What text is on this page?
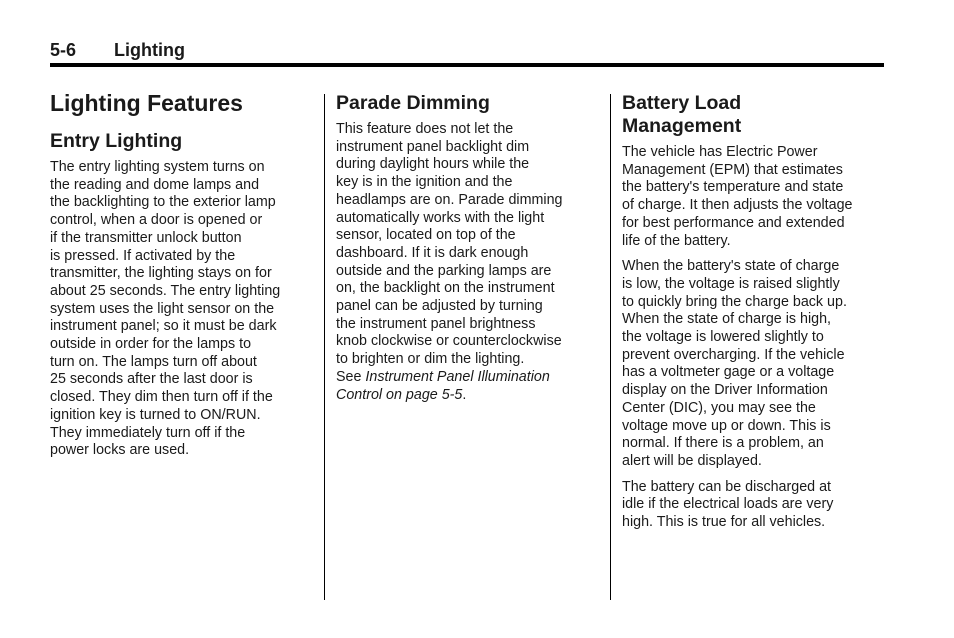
5-6 Lighting
Lighting Features
Entry Lighting

The entry lighting system turns on
the reading and dome lamps and
the backlighting to the exterior lamp
control, when a door is opened or
if the transmitter unlock button
is pressed. If activated by the
transmitter, the lighting stays on for
about 25 seconds. The entry lighting
system uses the light sensor on the
instrument panel; so it must be dark
outside in order for the lamps to
turn on. The lamps turn off about
25 seconds after the last door is
closed. They dim then turn off if the
ignition key is turned to ON/RUN.
They immediately turn off if the
power locks are used.

Parade Dimming

This feature does not let the
instrument panel backlight dim
during daylight hours while the
key is in the ignition and the
headlamps are on. Parade dimming
automatically works with the light
sensor, located on top of the
dashboard. If it is dark enough
outside and the parking lamps are
on, the backlight on the instrument
panel can be adjusted by turning
the instrument panel brightness
knob clockwise or counterclockwise
to brighten or dim the lighting.
See Instrument Panel Illumination
Control on page 5-5.

Battery Load
Management

The vehicle has Electric Power
Management (EPM) that estimates
the battery's temperature and state
of charge. It then adjusts the voltage
for best performance and extended
life of the battery.

When the battery's state of charge
is low, the voltage is raised slightly
to quickly bring the charge back up.
When the state of charge is high,
the voltage is lowered slightly to
prevent overcharging. If the vehicle
has a voltmeter gage or a voltage
display on the Driver Information
Center (DIC), you may see the
voltage move up or down. This is
normal. If there is a problem, an
alert will be displayed.

The battery can be discharged at
idle if the electrical loads are very
high. This is true for all vehicles.
